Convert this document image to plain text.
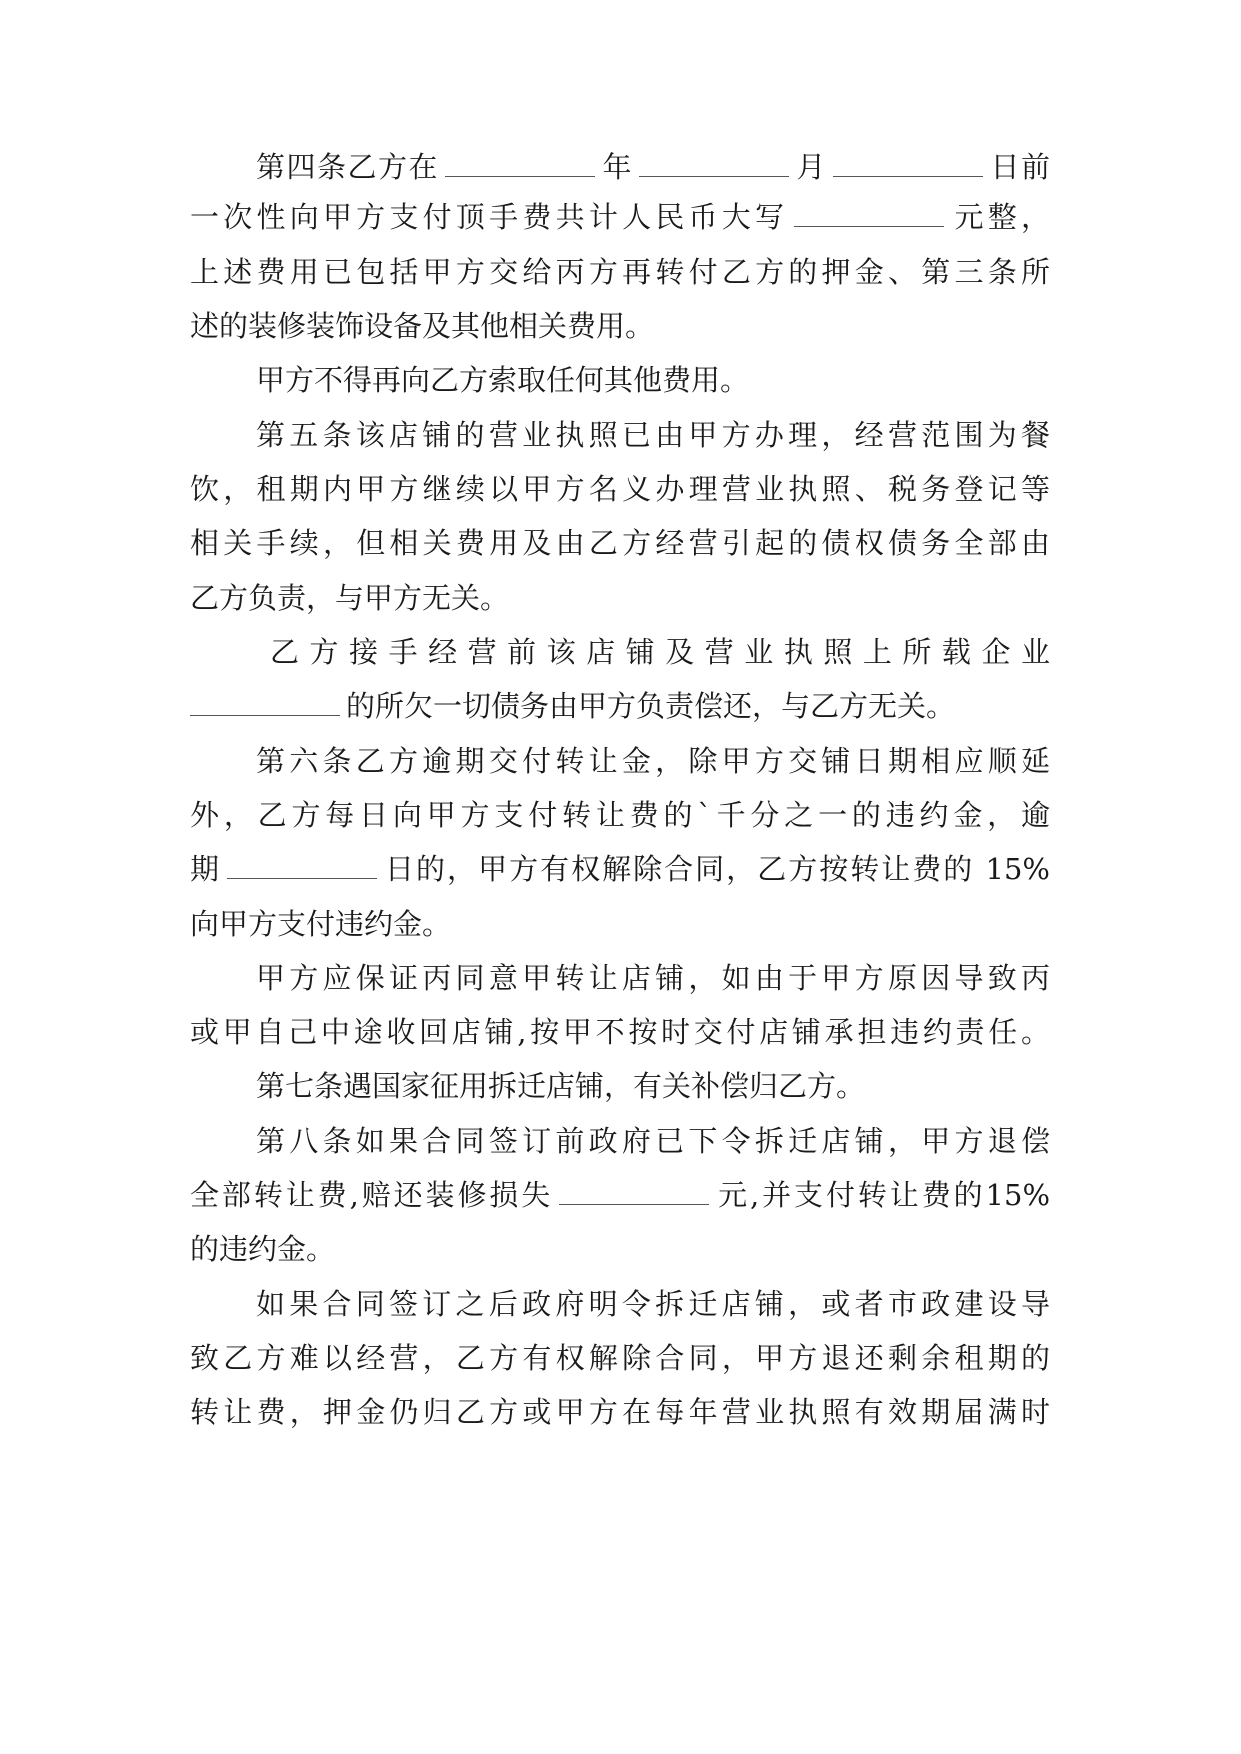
第四条乙方在	年	月	日前
一次性向甲方支付顶手费共计人民币大写	元整，
上述费用已包括甲方交给丙方再转付乙方的押金、第三条所
述的装修装饰设备及其他相关费用。
甲方不得再向乙方索取任何其他费用。
第五条该店铺的营业执照已由甲方办理，经营范围为餐
饮，租期内甲方继续以甲方名义办理营业执照、税务登记等
相关手续，但相关费用及由乙方经营引起的债权债务全部由
乙方负责，与甲方无关。
乙方接手经营前该店铺及营业执照上所载企业
的所欠一切债务由甲方负责偿还，与乙方无关。
第六条乙方逾期交付转让金，除甲方交铺日期相应顺延
外，乙方每日向甲方支付转让费的`千分之一的违约金，逾
期	日的，甲方有权解除合同，乙方按转让费的 15%
向甲方支付违约金。
甲方应保证丙同意甲转让店铺，如由于甲方原因导致丙
或甲自己中途收回店铺,按甲不按时交付店铺承担违约责任。
第七条遇国家征用拆迁店铺，有关补偿归乙方。
第八条如果合同签订前政府已下令拆迁店铺，甲方退偿
全部转让费,赔还装修损失	元,并支付转让费的15%
的违约金。
如果合同签订之后政府明令拆迁店铺，或者市政建设导
致乙方难以经营，乙方有权解除合同，甲方退还剩余租期的
转让费，押金仍归乙方或甲方在每年营业执照有效期届满时
